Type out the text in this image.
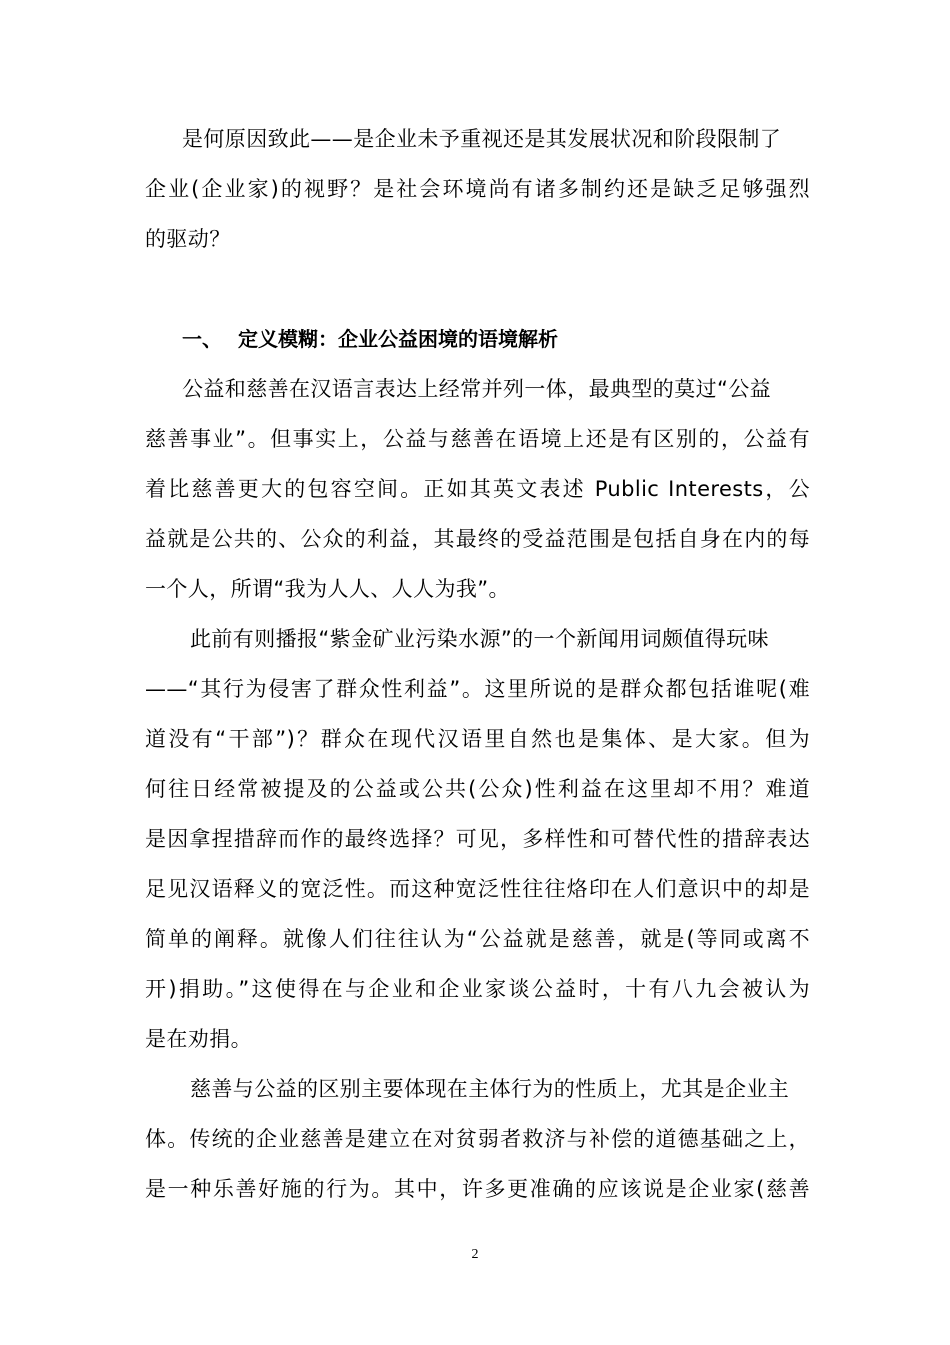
是何原因致此——是企业未予重视还是其发展状况和阶段限制了
企业(企业家)的视野？是社会环境尚有诸多制约还是缺乏足够强烈
的驱动？
一、 定义模糊：企业公益困境的语境解析
公益和慈善在汉语言表达上经常并列一体，最典型的莫过“公益
慈善事业”。但事实上，公益与慈善在语境上还是有区别的，公益有
着比慈善更大的包容空间。正如其英文表述 Public Interests，公
益就是公共的、公众的利益，其最终的受益范围是包括自身在内的每
一个人，所谓“我为人人、人人为我”。
此前有则播报“紫金矿业污染水源”的一个新闻用词颇值得玩味
——“其行为侵害了群众性利益”。这里所说的是群众都包括谁呢(难
道没有“干部”)？群众在现代汉语里自然也是集体、是大家。但为
何往日经常被提及的公益或公共(公众)性利益在这里却不用？难道
是因拿捏措辞而作的最终选择？可见，多样性和可替代性的措辞表达
足见汉语释义的宽泛性。而这种宽泛性往往烙印在人们意识中的却是
简单的阐释。就像人们往往认为“公益就是慈善，就是(等同或离不
开)捐助。”这使得在与企业和企业家谈公益时，十有八九会被认为
是在劝捐。
慈善与公益的区别主要体现在主体行为的性质上，尤其是企业主
体。传统的企业慈善是建立在对贫弱者救济与补偿的道德基础之上，
是一种乐善好施的行为。其中，许多更准确的应该说是企业家(慈善
2
